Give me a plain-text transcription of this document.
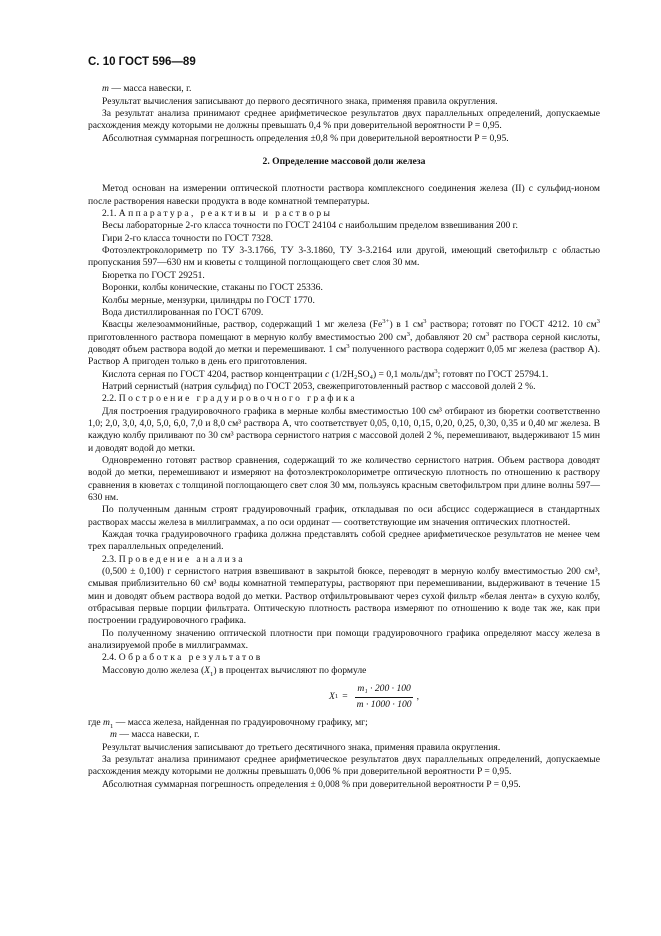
С. 10 ГОСТ 596—89

m — масса навески, г.

Результат вычисления записывают до первого десятичного знака, применяя правила округления.

За результат анализа принимают среднее арифметическое результатов двух параллельных определений, допускаемые расхождения между которыми не должны превышать 0,4 % при доверительной вероятности P = 0,95.

Абсолютная суммарная погрешность определения ±0,8 % при доверительной вероятности P = 0,95.

2. Определение массовой доли железа

Метод основан на измерении оптической плотности раствора комплексного соединения железа (II) с сульфид-ионом после растворения навески продукта в воде комнатной температуры.

2.1. Аппаратура, реактивы и растворы

Весы лабораторные 2-го класса точности по ГОСТ 24104 с наибольшим пределом взвешивания 200 г.

Гири 2-го класса точности по ГОСТ 7328.

Фотоэлектроколориметр по ТУ 3-3.1766, ТУ 3-3.1860, ТУ 3-3.2164 или другой, имеющий светофильтр с областью пропускания 597—630 нм и кюветы с толщиной поглощающего свет слоя 30 мм.

Бюретка по ГОСТ 29251.

Воронки, колбы конические, стаканы по ГОСТ 25336.

Колбы мерные, мензурки, цилиндры по ГОСТ 1770.

Вода дистиллированная по ГОСТ 6709.

Квасцы железоаммонийные, раствор, содержащий 1 мг железа $(Fe^{3+})$ в 1 $см^3$ раствора; готовят по ГОСТ 4212. 10 $см^3$ приготовленного раствора помещают в мерную колбу вместимостью 200 $см^3$, добавляют 20 $см^3$ раствора серной кислоты, доводят объем раствора водой до метки и перемешивают. 1 $см^3$ полученного раствора содержит 0,05 мг железа (раствор А). Раствор А пригоден только в день его приготовления.

Кислота серная по ГОСТ 4204, раствор концентрации c (1/2H₂SO₄) = 0,1 моль/$дм^3$; готовят по ГОСТ 25794.1.

Натрий сернистый (натрия сульфид) по ГОСТ 2053, свежеприготовленный раствор с массовой долей 2 %.

2.2. Построение градуировочного графика

Для построения градуировочного графика в мерные колбы вместимостью 100 см³ отбирают из бюретки соответственно 1,0; 2,0, 3,0, 4,0, 5,0, 6,0, 7,0 и 8,0 см³ раствора А, что соответствует 0,05, 0,10, 0,15, 0,20, 0,25, 0,30, 0,35 и 0,40 мг железа. В каждую колбу приливают по 30 см³ раствора сернистого натрия с массовой долей 2 %, перемешивают, выдерживают 15 мин и доводят водой до метки.

Одновременно готовят раствор сравнения, содержащий то же количество сернистого натрия. Объем раствора доводят водой до метки, перемешивают и измеряют на фотоэлектроколориметре оптическую плотность по отношению к раствору сравнения в кюветах с толщиной поглощающего свет слоя 30 мм, пользуясь красным светофильтром при длине волны 597—630 нм.

По полученным данным строят градуировочный график, откладывая по оси абсцисс содержащиеся в стандартных растворах массы железа в миллиграммах, а по оси ординат — соответствующие им значения оптических плотностей.

Каждая точка градуировочного графика должна представлять собой среднее арифметическое результатов не менее чем трех параллельных определений.

2.3. Проведение анализа

(0,500 ± 0,100) г сернистого натрия взвешивают в закрытой бюксе, переводят в мерную колбу вместимостью 200 см³, смывая приблизительно 60 см³ воды комнатной температуры, растворяют при перемешивании, выдерживают в течение 15 мин и доводят объем раствора водой до метки. Раствор отфильтровывают через сухой фильтр «белая лента» в сухую колбу, отбрасывая первые порции фильтрата. Оптическую плотность раствора измеряют по отношению к воде так же, как при построении градуировочного графика.

По полученному значению оптической плотности при помощи градуировочного графика определяют массу железа в анализируемой пробе в миллиграммах.

2.4. Обработка результатов

Массовую долю железа $(X_1)$ в процентах вычисляют по формуле

X $1 = \frac{\text{m₁ · 200 · 100}}{m \cdot 1000 \cdot 100}$ ,

где $m_1$ — масса железа, найденная по градуировочному графику, мг;

m — масса навески, г.

Результат вычисления записывают до третьего десятичного знака, применяя правила округления.

За результат анализа принимают среднее арифметическое результатов двух параллельных определений, допускаемые расхождения между которыми не должны превышать 0,006 % при доверительной вероятности P = 0,95.

Абсолютная суммарная погрешность определения ± 0,008 % при доверительной вероятности P = 0,95.
